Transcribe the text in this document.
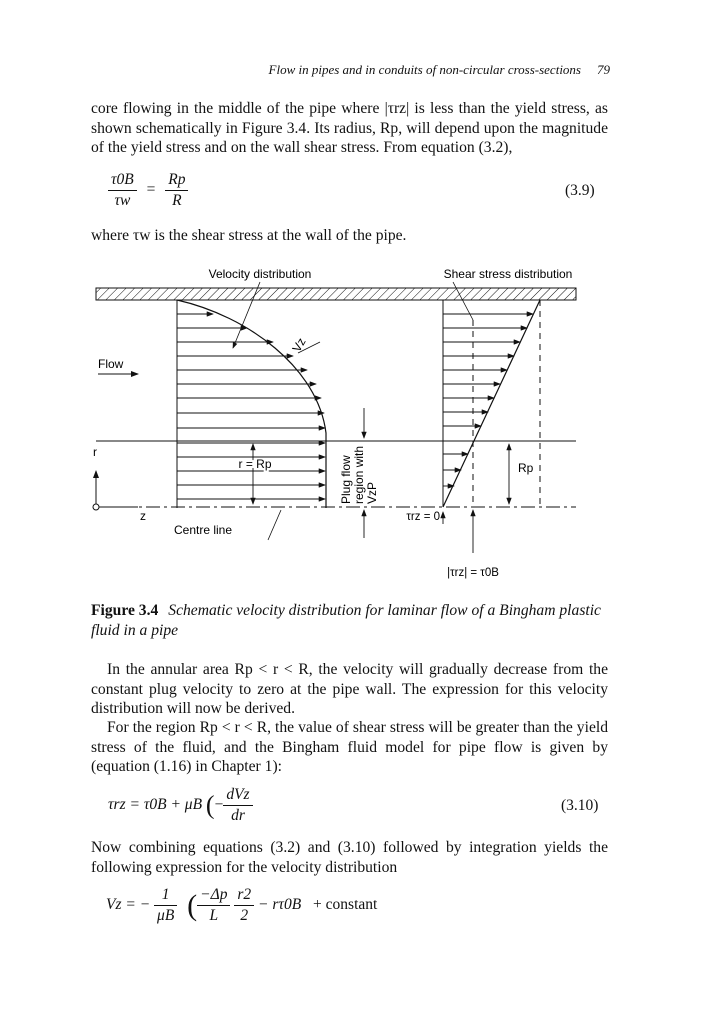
Flow in pipes and in conduits of non-circular cross-sections 79
core flowing in the middle of the pipe where |τrz| is less than the yield stress, as shown schematically in Figure 3.4. Its radius, Rp, will depend upon the magnitude of the yield stress and on the wall shear stress. From equation (3.2),
$\frac{\tau 0B}{\tau w} = \frac{Rp}{R}$	(3.9)
where τw is the shear stress at the wall of the pipe.
Velocity distribution	Shear stress distribution
Vz
Flow
r
z
r = Rp	Plug flow region with VzP
Rp
Centre line
τrz = 0
|τrz| = τ0B
Figure 3.4 Schematic velocity distribution for laminar flow of a Bingham plastic fluid in a pipe
In the annular area Rp < r < R, the velocity will gradually decrease from the constant plug velocity to zero at the pipe wall. The expression for this velocity distribution will now be derived.
For the region Rp < r < R, the value of shear stress will be greater than the yield stress of the fluid, and the Bingham fluid model for pipe flow is given by (equation (1.16) in Chapter 1):
τrz = τ0B + μB (− $\frac{\text{dVz}}{dr}$	(3.10)
Now combining equations (3.2) and (3.10) followed by integration yields the following expression for the velocity distribution
Vz = − $\frac{1}{\mu B}$ ( $\frac{-\Delta p}{L}$
$\frac{r2}{2} - r\tau 0B$ + constant
